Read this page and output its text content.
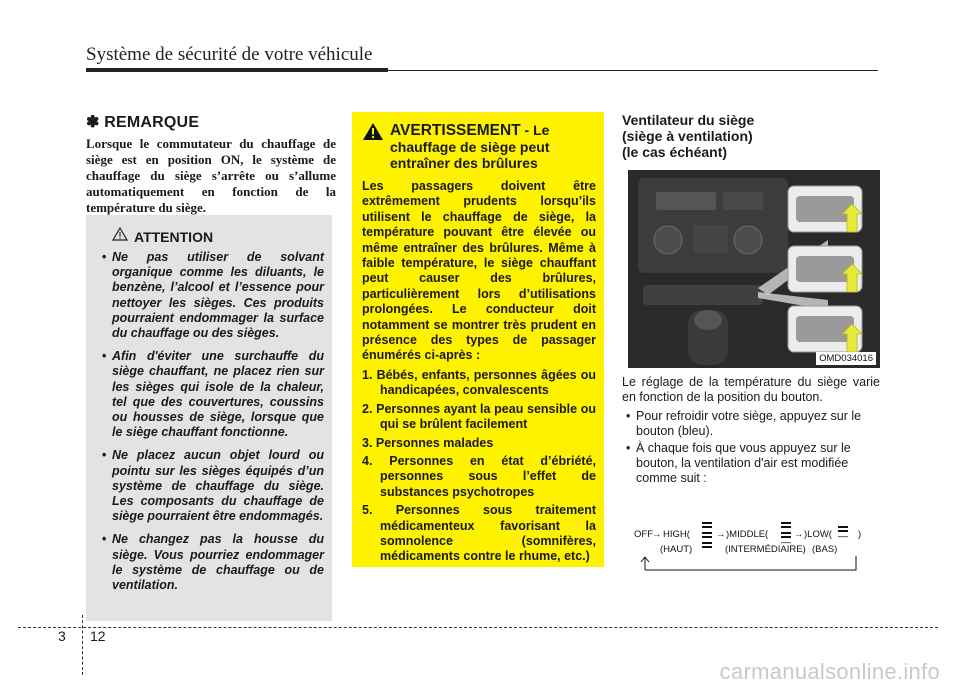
Système de sécurité de votre véhicule
✽ REMARQUE

Lorsque le commutateur du chauffage de siège est en position ON, le système de chauffage du siège s’arrête ou s’allume automatiquement en fonction de la température du siège.

ATTENTION
• Ne pas utiliser de solvant organique comme les diluants, le benzène, l’alcool et l’essence pour nettoyer les sièges. Ces produits pourraient endommager la surface du chauffage ou des sièges.
• Afin d'éviter une surchauffe du siège chauffant, ne placez rien sur les sièges qui isole de la chaleur, tel que des couvertures, coussins ou housses de siège, lorsque que le siège chauffant fonctionne.
• Ne placez aucun objet lourd ou pointu sur les sièges équipés d’un système de chauffage du siège. Les composants du chauffage de siège pourraient être endommagés.
• Ne changez pas la housse du siège. Vous pourriez endommager le système de chauffage ou de ventilation.
AVERTISSEMENT - Le chauffage de siège peut entraîner des brûlures

Les passagers doivent être extrêmement prudents lorsqu’ils utilisent le chauffage de siège, la température pouvant être élevée ou même entraîner des brûlures. Même à faible température, le siège chauffant peut causer des brûlures, particulièrement lors d’utilisations prolongées. Le conducteur doit notamment se montrer très prudent en présence des types de passager énumérés ci-après :

1. Bébés, enfants, personnes âgées ou handicapées, convalescents
2. Personnes ayant la peau sensible ou qui se brûlent facilement
3. Personnes malades
4. Personnes en état d’ébriété, personnes sous l’effet de substances psychotropes
5. Personnes sous traitement médicamenteux favorisant la somnolence (somnifères, médicaments contre le rhume, etc.)
Ventilateur du siège
(siège à ventilation)
(le cas échéant)
OMD034016

Le réglage de la température du siège varie en fonction de la position du bouton.

• Pour refroidir votre siège, appuyez sur le bouton (bleu).
• À chaque fois que vous appuyez sur le bouton, la ventilation d'air est modifiée comme suit :
OFF → HIGH(	→ )MIDDLE(	→ )LOW(	)
(HAUT)	(INTERMÉDIAIRE) (BAS)
3 12
carmanualsonline.info
